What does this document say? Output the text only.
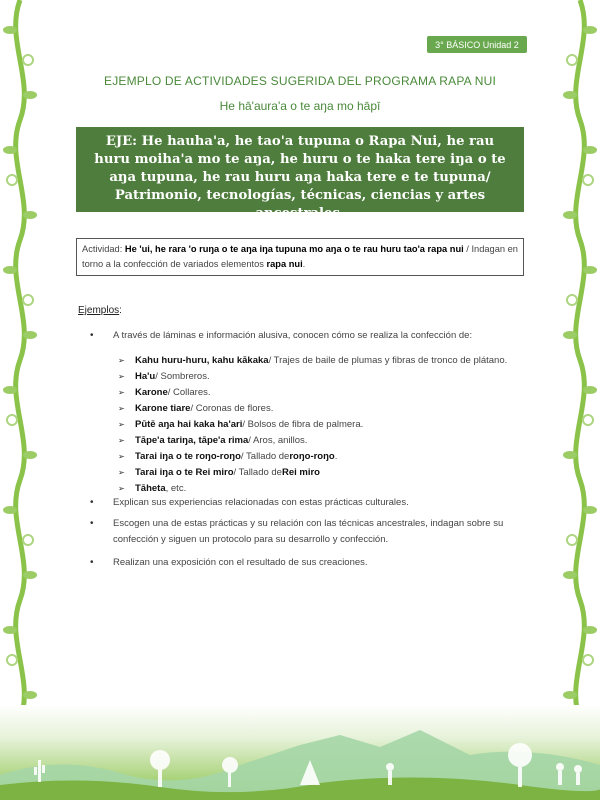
3° BÁSICO Unidad 2
EJEMPLO DE ACTIVIDADES SUGERIDA DEL PROGRAMA RAPA NUI
He hā'aura'a o te aŋa mo hāpī
EJE: He hauha'a, he tao'a tupuna o Rapa Nui, he rau huru moiha'a mo te aŋa, he huru o te haka tere iŋa o te aŋa tupuna, he rau huru aŋa haka tere e te tupuna/ Patrimonio, tecnologías, técnicas, ciencias y artes ancestrales.
Actividad: He 'ui, he rara 'o ruŋa o te aŋa iŋa tupuna mo aŋa o te rau huru tao'a rapa nui / Indagan en torno a la confección de variados elementos rapa nui.
Ejemplos:
• A través de láminas e información alusiva, conocen cómo se realiza la confección de:
➢	Kahu huru-huru, kahu kākaka / Trajes de baile de plumas y fibras de tronco de plátano.
➢	Ha'u / Sombreros.
➢	Karone / Collares.
➢	Karone tiare / Coronas de flores.
➢	Pūtē aŋa hai kaka ha'ari / Bolsos de fibra de palmera.
➢	Tāpe'a tariŋa, tāpe'a rima / Aros, anillos.
➢	Tarai iŋa o te roŋo-roŋo / Tallado de roŋo-roŋo .
➢	Tarai iŋa o te Rei miro / Tallado de Rei miro
➢	Tāheta , etc.
• Explican sus experiencias relacionadas con estas prácticas culturales.
• Escogen una de estas prácticas y su relación con las técnicas ancestrales, indagan sobre su confección y siguen un protocolo para su desarrollo y confección.
• Realizan una exposición con el resultado de sus creaciones.
